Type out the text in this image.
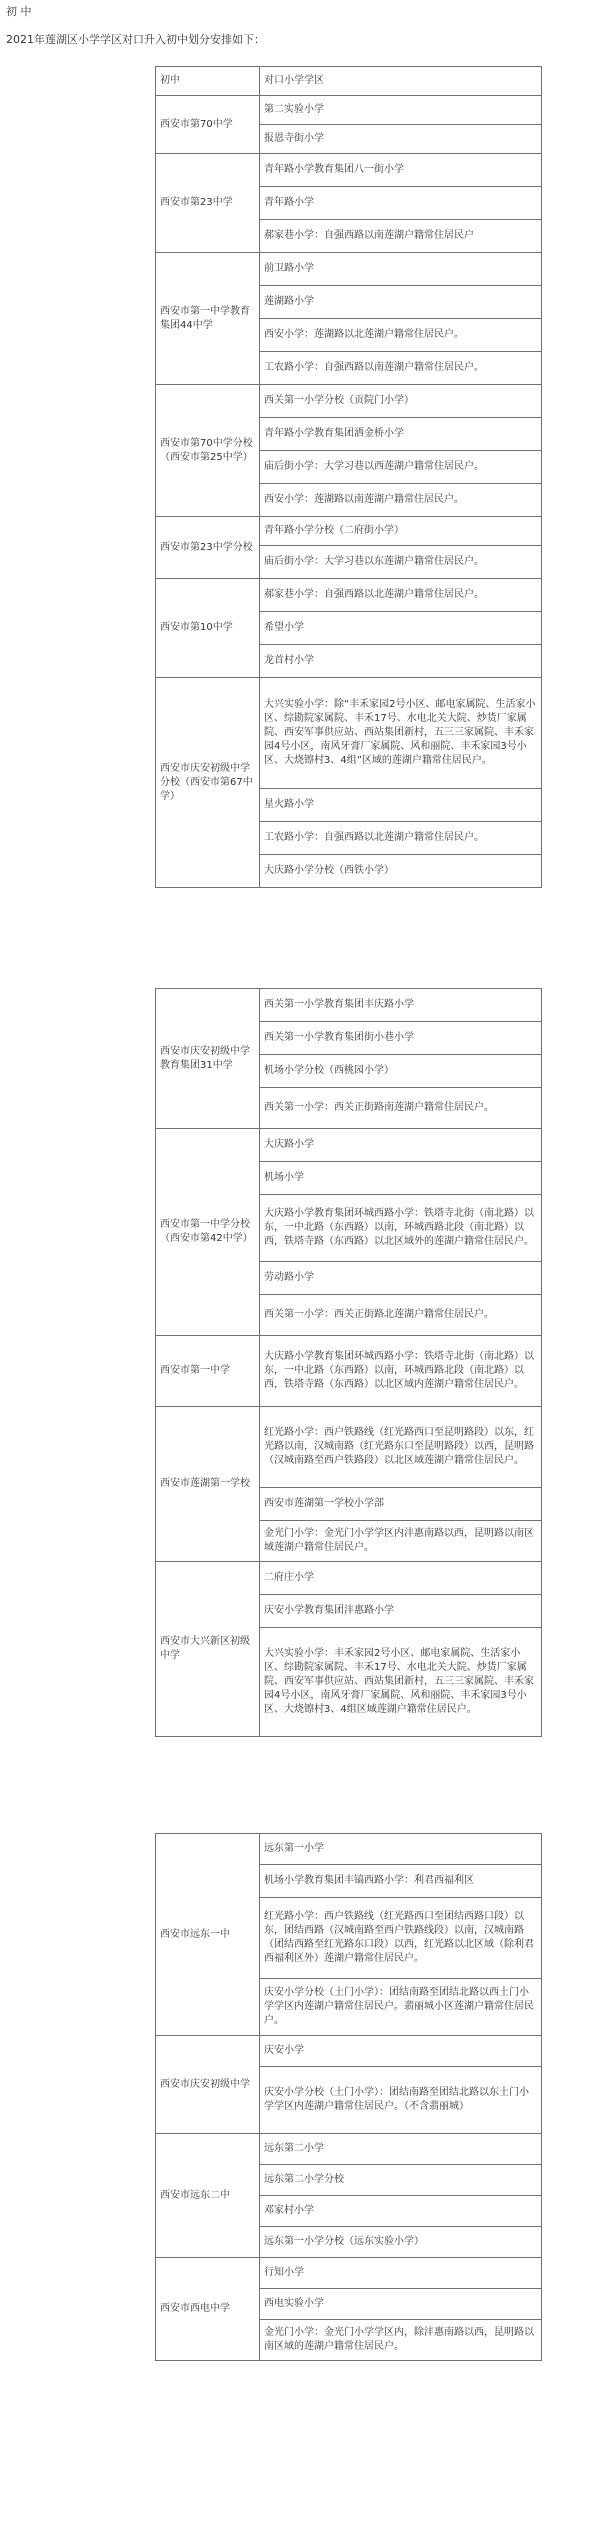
初 中
2021年莲湖区小学学区对口升入初中划分安排如下：
初中	对口小学学区
西安市第70中学	第二实验小学
	报恩寺街小学
西安市第23中学	青年路小学教育集团八一街小学
	青年路小学
	郝家巷小学：自强西路以南莲湖户籍常住居民户
西安市第一中学教育集团44中学	前卫路小学
	莲湖路小学
	西安小学：莲湖路以北莲湖户籍常住居民户。
	工农路小学：自强西路以南莲湖户籍常住居民户。
西安市第70中学分校（西安市第25中学）	西关第一小学分校（贡院门小学）
	青年路小学教育集团洒金桥小学
	庙后街小学：大学习巷以西莲湖户籍常住居民户。
	西安小学：莲湖路以南莲湖户籍常住居民户。
西安市第23中学分校	青年路小学分校（二府街小学）
	庙后街小学：大学习巷以东莲湖户籍常住居民户。
西安市第10中学	郝家巷小学：自强西路以北莲湖户籍常住居民户。
	希望小学
	龙首村小学
西安市庆安初级中学分校（西安市第67中学）	大兴实验小学：除“丰禾家园2号小区、邮电家属院、生活家小区、综勘院家属院、丰禾17号、水电北关大院、炒货厂家属院、西安军事供应站、西站集团新村，五三三家属院、丰禾家园4号小区，南风牙膏厂家属院、风和丽院、丰禾家园3号小区、大烧镲村3、4组”区域的莲湖户籍常住居民户。
	星火路小学
	工农路小学：自强西路以北莲湖户籍常住居民户。
	大庆路小学分校（西铁小学）
西安市庆安初级中学教育集团31中学	西关第一小学教育集团丰庆路小学
	西关第一小学教育集团街小巷小学
	机场小学分校（西桃园小学）
	西关第一小学：西关正街路南莲湖户籍常住居民户。
西安市第一中学分校（西安市第42中学）	大庆路小学
	机场小学
	大庆路小学教育集团环城西路小学：铁塔寺北街（南北路）以东，一中北路（东西路）以南，环城西路北段（南北路）以西，铁塔寺路（东西路）以北区域外的莲湖户籍常住居民户。
	劳动路小学
	西关第一小学：西关正街路北莲湖户籍常住居民户。
西安市第一中学	大庆路小学教育集团环城西路小学：铁塔寺北街（南北路）以东，一中北路（东西路）以南，环城西路北段（南北路）以西，铁塔寺路（东西路）以北区域内莲湖户籍常住居民户。
西安市莲湖第一学校	红光路小学：西户铁路线（红光路西口至昆明路段）以东，红光路以南，汉城南路（红光路东口至昆明路段）以西，昆明路（汉城南路至西户铁路段）以北区域莲湖户籍常住居民户。
	西安市莲湖第一学校小学部
	金光门小学：金光门小学学区内沣惠南路以西，昆明路以南区域莲湖户籍常住居民户。
西安市大兴新区初级中学	二府庄小学
	庆安小学教育集团沣惠路小学
	大兴实验小学：丰禾家园2号小区、邮电家属院、生活家小区、综勘院家属院、丰禾17号、水电北关大院、炒货厂家属院、西安军事供应站、西站集团新村，五三三家属院、丰禾家园4号小区，南风牙膏厂家属院、风和丽院、丰禾家园3号小区、大烧镲村3、4组区域莲湖户籍常住居民户。
西安市远东一中	远东第一小学
	机场小学教育集团丰镐西路小学：利君西福利区
	红光路小学：西户铁路线（红光路西口至团结西路口段）以东，团结西路（汉城南路至西户铁路线段）以南，汉城南路（团结西路至红光路东口段）以西，红光路以北区域（除利君西福利区外）莲湖户籍常住居民户。
	庆安小学分校（土门小学）：团结南路至团结北路以西土门小学学区内莲湖户籍常住居民户。翡丽城小区莲湖户籍常住居民户。
西安市庆安初级中学	庆安小学
	庆安小学分校（土门小学）：团结南路至团结北路以东土门小学学区内莲湖户籍常住居民户。（不含翡丽城）
西安市远东二中	远东第二小学
	远东第二小学分校
	邓家村小学
	远东第一小学分校（远东实验小学）
西安市西电中学	行知小学
	西电实验小学
	金光门小学：金光门小学学区内，除沣惠南路以西，昆明路以南区域的莲湖户籍常住居民户。
